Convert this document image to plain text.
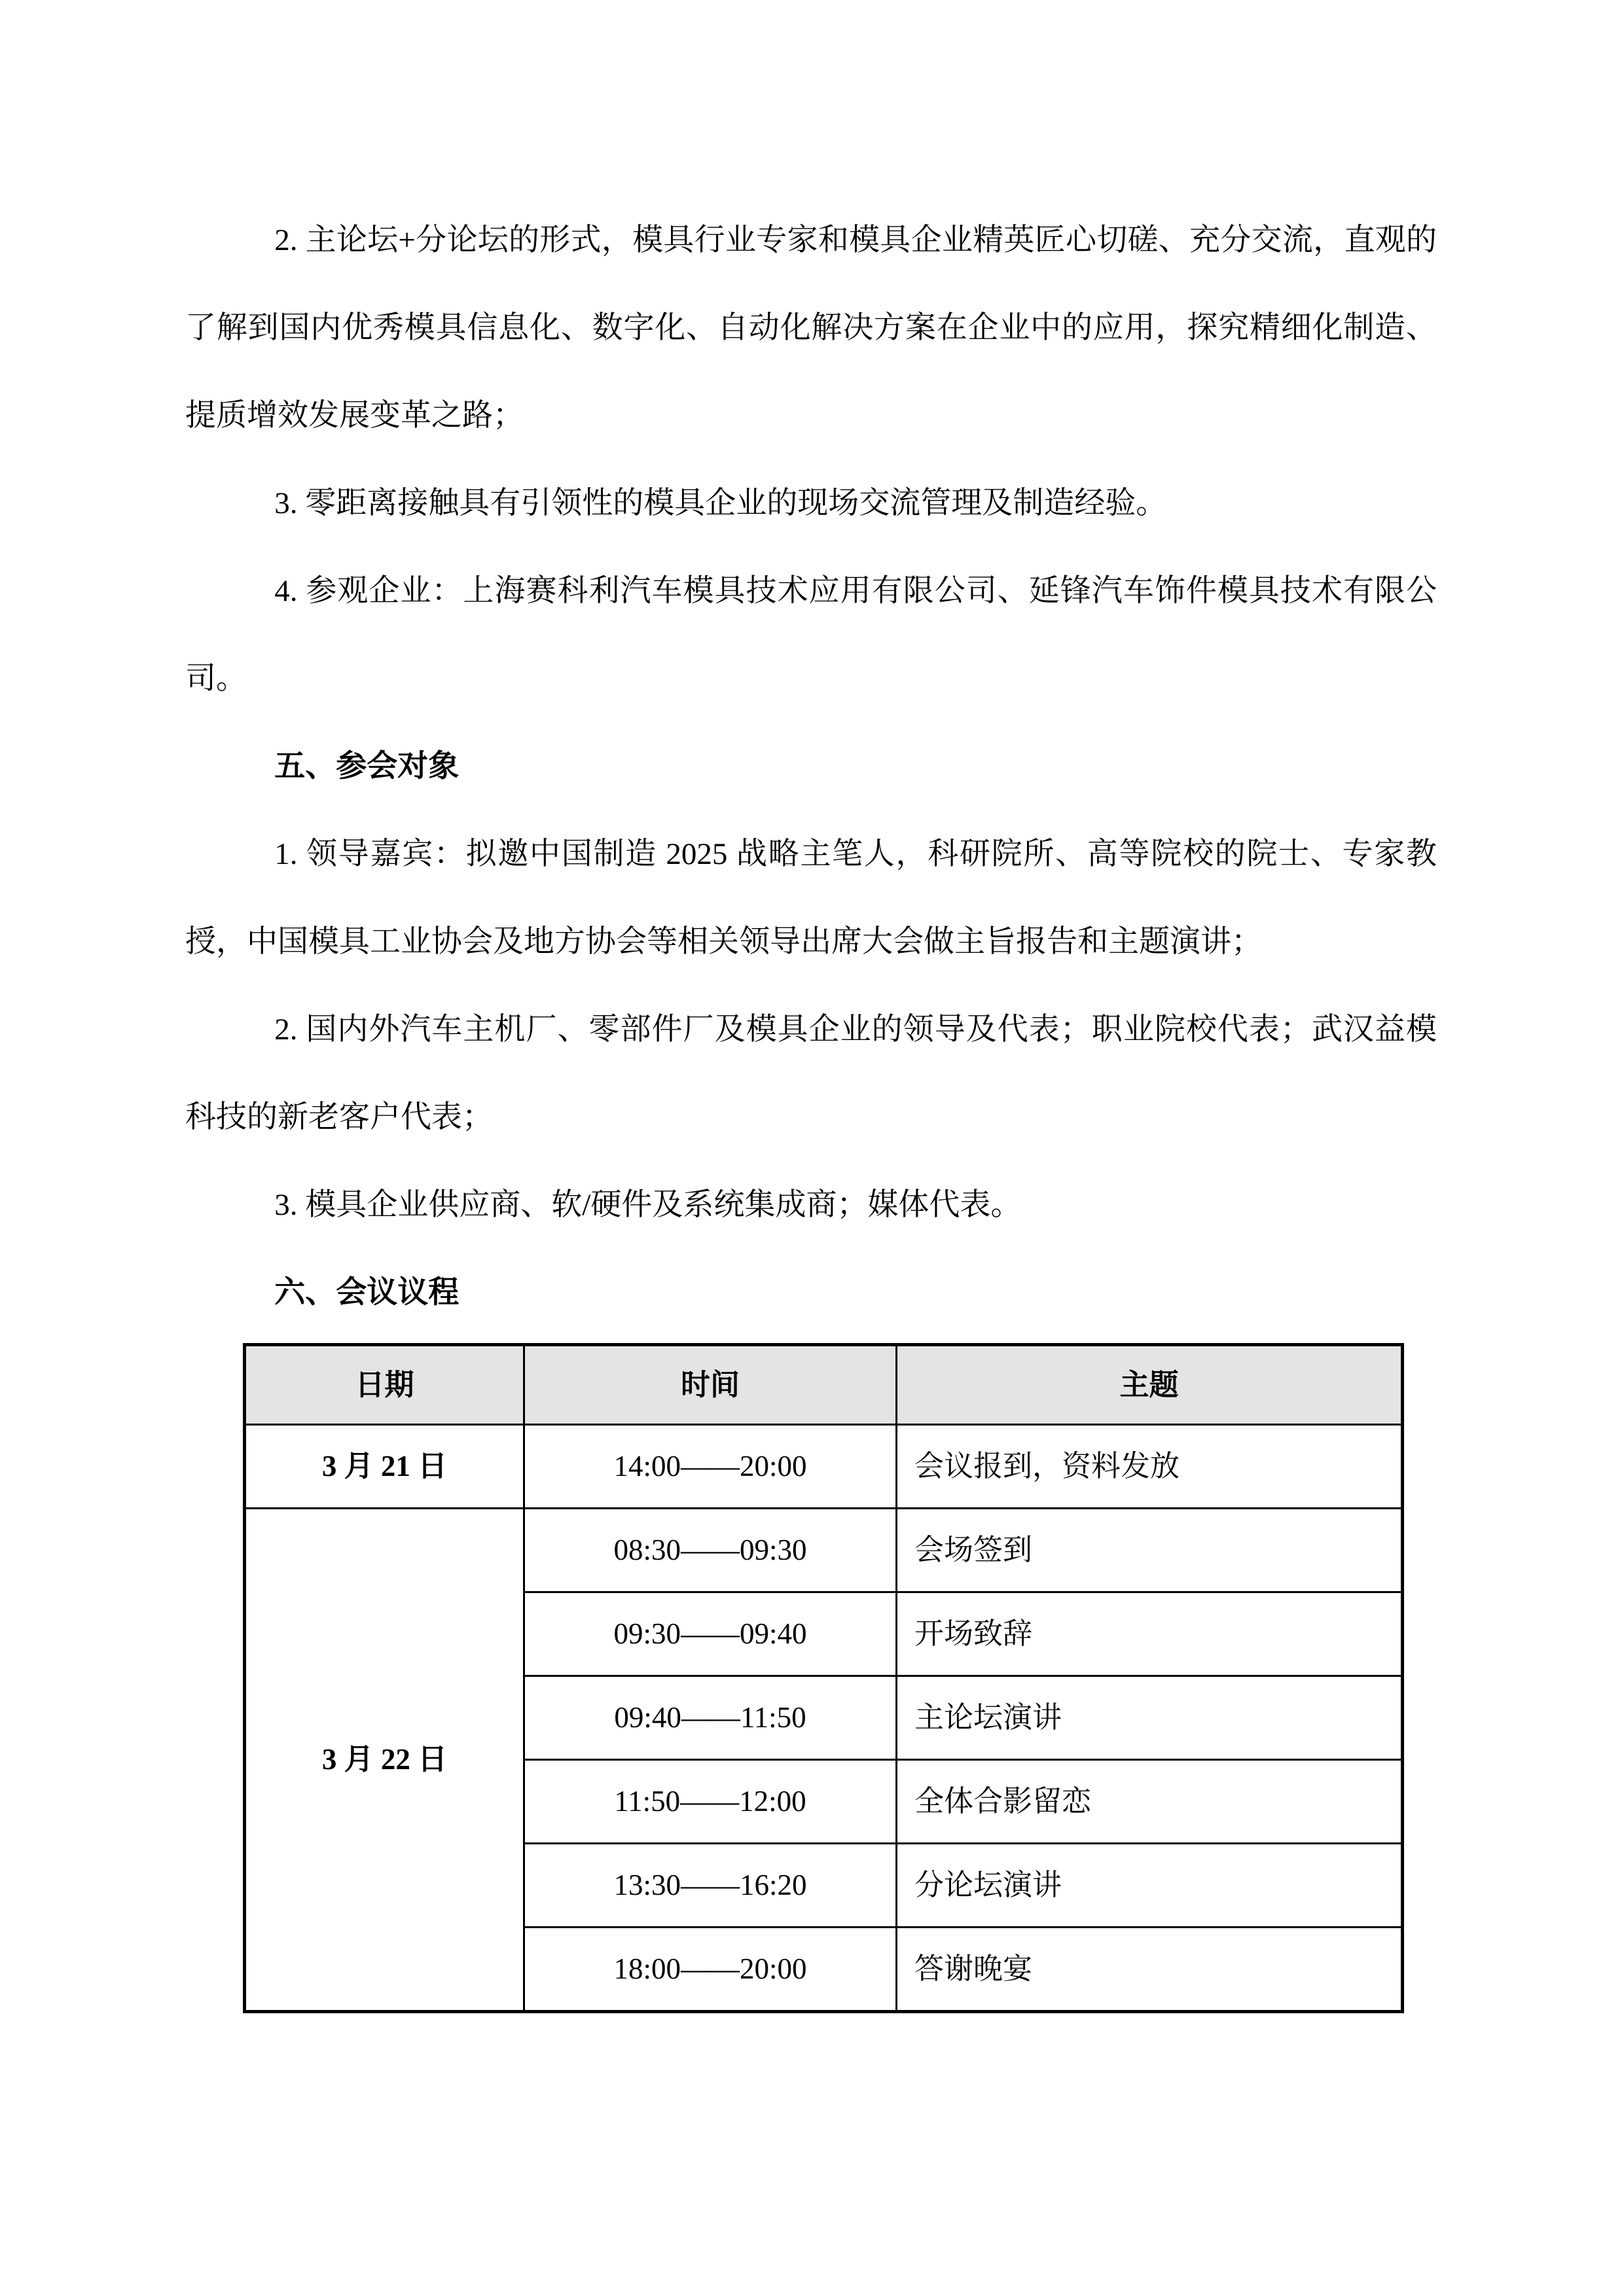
2. 主论坛+分论坛的形式，模具行业专家和模具企业精英匠心切磋、充分交流，直观的了解到国内优秀模具信息化、数字化、自动化解决方案在企业中的应用，探究精细化制造、提质增效发展变革之路；

3. 零距离接触具有引领性的模具企业的现场交流管理及制造经验。

4. 参观企业：上海赛科利汽车模具技术应用有限公司、延锋汽车饰件模具技术有限公司。

五、参会对象

1. 领导嘉宾：拟邀中国制造 2025 战略主笔人，科研院所、高等院校的院士、专家教授，中国模具工业协会及地方协会等相关领导出席大会做主旨报告和主题演讲；

2. 国内外汽车主机厂、零部件厂及模具企业的领导及代表；职业院校代表；武汉益模科技的新老客户代表；

3. 模具企业供应商、软/硬件及系统集成商；媒体代表。

六、会议议程

日期	时间	主题
3 月 21 日	14:00——20:00	会议报到，资料发放
3 月 22 日	08:30——09:30	会场签到
	09:30——09:40	开场致辞
	09:40——11:50	主论坛演讲
	11:50——12:00	全体合影留恋
	13:30——16:20	分论坛演讲
	18:00——20:00	答谢晚宴
